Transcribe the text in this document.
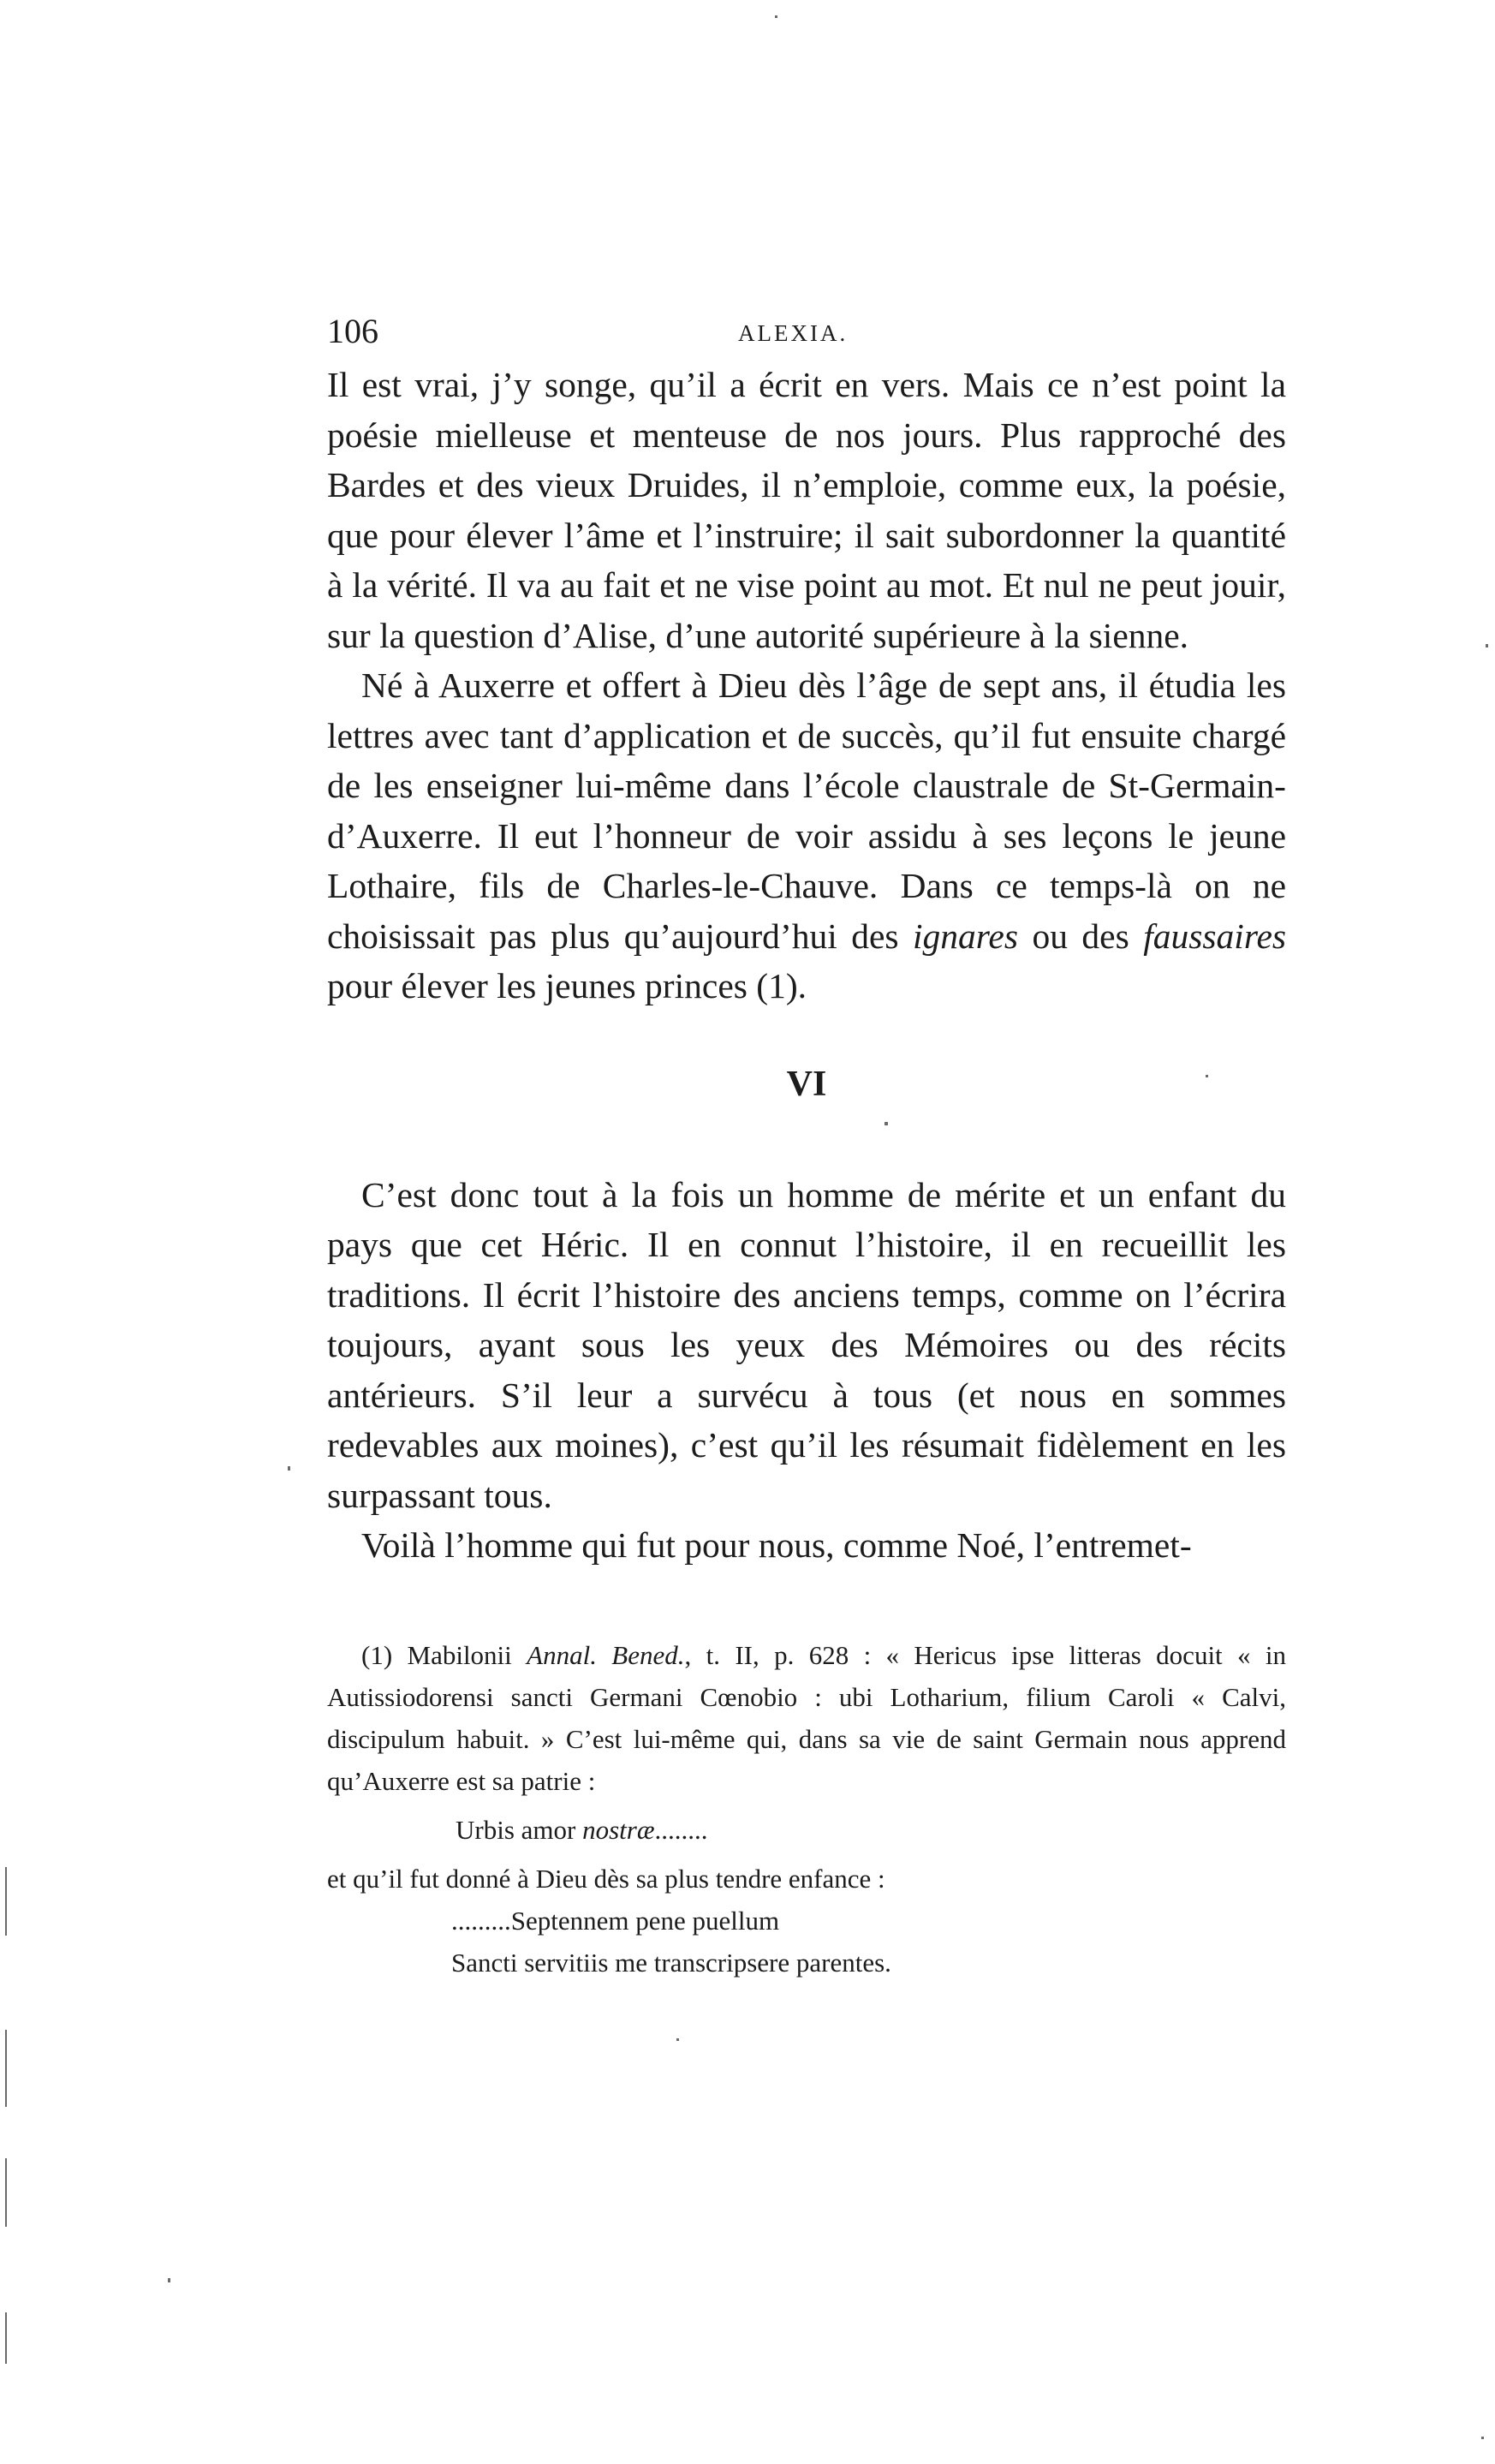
106	ALEXIA.

Il est vrai, j’y songe, qu’il a écrit en vers. Mais ce n’est point la poésie mielleuse et menteuse de nos jours. Plus rapproché des Bardes et des vieux Druides, il n’emploie, comme eux, la poésie, que pour élever l’âme et l’instruire; il sait subordonner la quantité à la vérité. Il va au fait et ne vise point au mot. Et nul ne peut jouir, sur la question d’Alise, d’une autorité supérieure à la sienne.

Né à Auxerre et offert à Dieu dès l’âge de sept ans, il étudia les lettres avec tant d’application et de succès, qu’il fut ensuite chargé de les enseigner lui-même dans l’école claustrale de St-Germain-d’Auxerre. Il eut l’honneur de voir assidu à ses leçons le jeune Lothaire, fils de Charles-le-Chauve. Dans ce temps-là on ne choisissait pas plus qu’aujourd’hui des ignares ou des faussaires pour élever les jeunes princes (1).

VI

C’est donc tout à la fois un homme de mérite et un enfant du pays que cet Héric. Il en connut l’histoire, il en recueillit les traditions. Il écrit l’histoire des anciens temps, comme on l’écrira toujours, ayant sous les yeux des Mémoires ou des récits antérieurs. S’il leur a survécu à tous (et nous en sommes redevables aux moines), c’est qu’il les résumait fidèlement en les surpassant tous.

Voilà l’homme qui fut pour nous, comme Noé, l’entremet-

(1) Mabilonii Annal. Bened., t. II, p. 628 : « Hericus ipse litteras docuit « in Autissiodorensi sancti Germani Cœnobio : ubi Lotharium, filium Caroli « Calvi, discipulum habuit. » C’est lui-même qui, dans sa vie de saint Germain nous apprend qu’Auxerre est sa patrie :

Urbis amor nostræ........

et qu’il fut donné à Dieu dès sa plus tendre enfance :

.........Septennem pene puellum

Sancti servitiis me transcripsere parentes.
